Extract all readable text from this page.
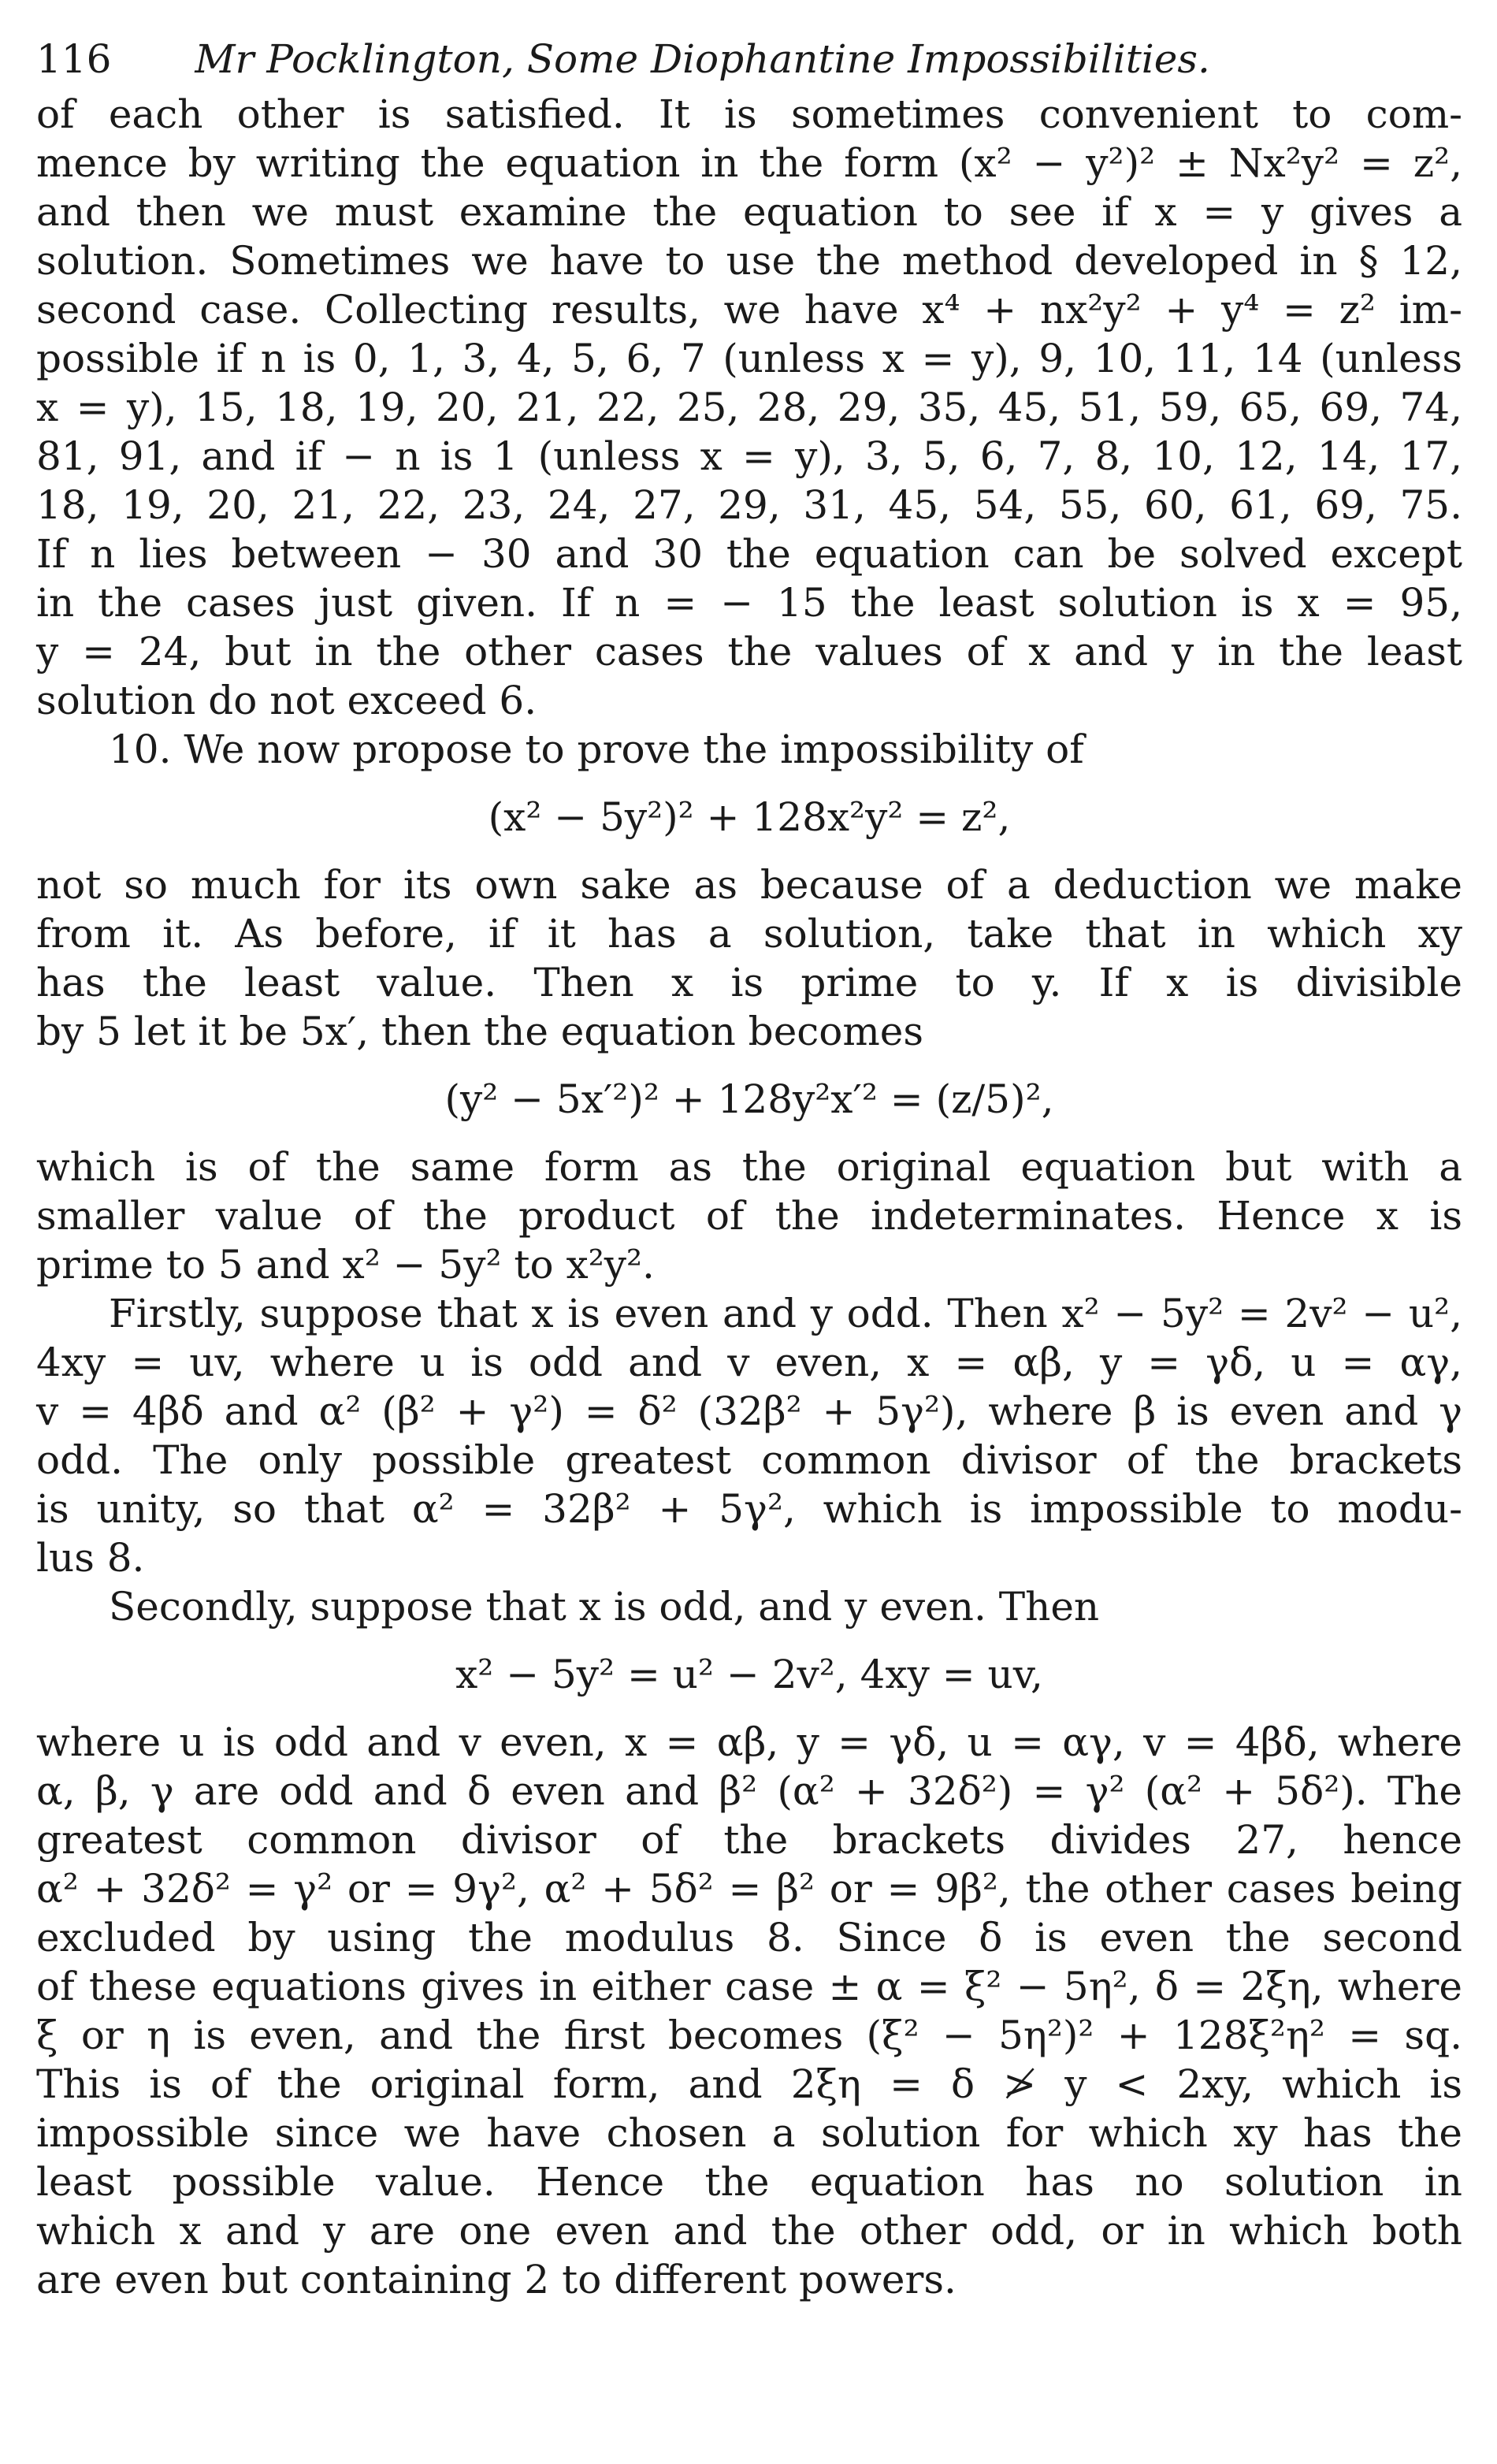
116 Mr Pocklington, Some Diophantine Impossibilities.
of each other is satisfied. It is sometimes convenient to com-
mence by writing the equation in the form (x² − y²)² ± Nx²y² = z²,
and then we must examine the equation to see if x = y gives a
solution. Sometimes we have to use the method developed in § 12,
second case. Collecting results, we have x⁴ + nx²y² + y⁴ = z² im-
possible if n is 0, 1, 3, 4, 5, 6, 7 (unless x = y), 9, 10, 11, 14 (unless
x = y), 15, 18, 19, 20, 21, 22, 25, 28, 29, 35, 45, 51, 59, 65, 69, 74,
81, 91, and if − n is 1 (unless x = y), 3, 5, 6, 7, 8, 10, 12, 14, 17,
18, 19, 20, 21, 22, 23, 24, 27, 29, 31, 45, 54, 55, 60, 61, 69, 75.
If n lies between − 30 and 30 the equation can be solved except
in the cases just given. If n = − 15 the least solution is x = 95,
y = 24, but in the other cases the values of x and y in the least
solution do not exceed 6.
10. We now propose to prove the impossibility of
(x² − 5y²)² + 128x²y² = z²,
not so much for its own sake as because of a deduction we make
from it. As before, if it has a solution, take that in which xy
has the least value. Then x is prime to y. If x is divisible
by 5 let it be 5x′, then the equation becomes
(y² − 5x′²)² + 128y²x′² = (z/5)²,
which is of the same form as the original equation but with a
smaller value of the product of the indeterminates. Hence x is
prime to 5 and x² − 5y² to x²y².
Firstly, suppose that x is even and y odd. Then x² − 5y² = 2v² − u²,
4xy = uv, where u is odd and v even, x = αβ, y = γδ, u = αγ,
v = 4βδ and α² (β² + γ²) = δ² (32β² + 5γ²), where β is even and γ
odd. The only possible greatest common divisor of the brackets
is unity, so that α² = 32β² + 5γ², which is impossible to modu-
lus 8.
Secondly, suppose that x is odd, and y even. Then
x² − 5y² = u² − 2v², 4xy = uv,
where u is odd and v even, x = αβ, y = γδ, u = αγ, v = 4βδ, where
α, β, γ are odd and δ even and β² (α² + 32δ²) = γ² (α² + 5δ²). The
greatest common divisor of the brackets divides 27, hence
α² + 32δ² = γ² or = 9γ², α² + 5δ² = β² or = 9β², the other cases being
excluded by using the modulus 8. Since δ is even the second
of these equations gives in either case ± α = ξ² − 5η², δ = 2ξη, where
ξ or η is even, and the first becomes (ξ² − 5η²)² + 128ξ²η² = sq.
This is of the original form, and 2ξη = δ ≯ y < 2xy, which is
impossible since we have chosen a solution for which xy has the
least possible value. Hence the equation has no solution in
which x and y are one even and the other odd, or in which both
are even but containing 2 to different powers.
